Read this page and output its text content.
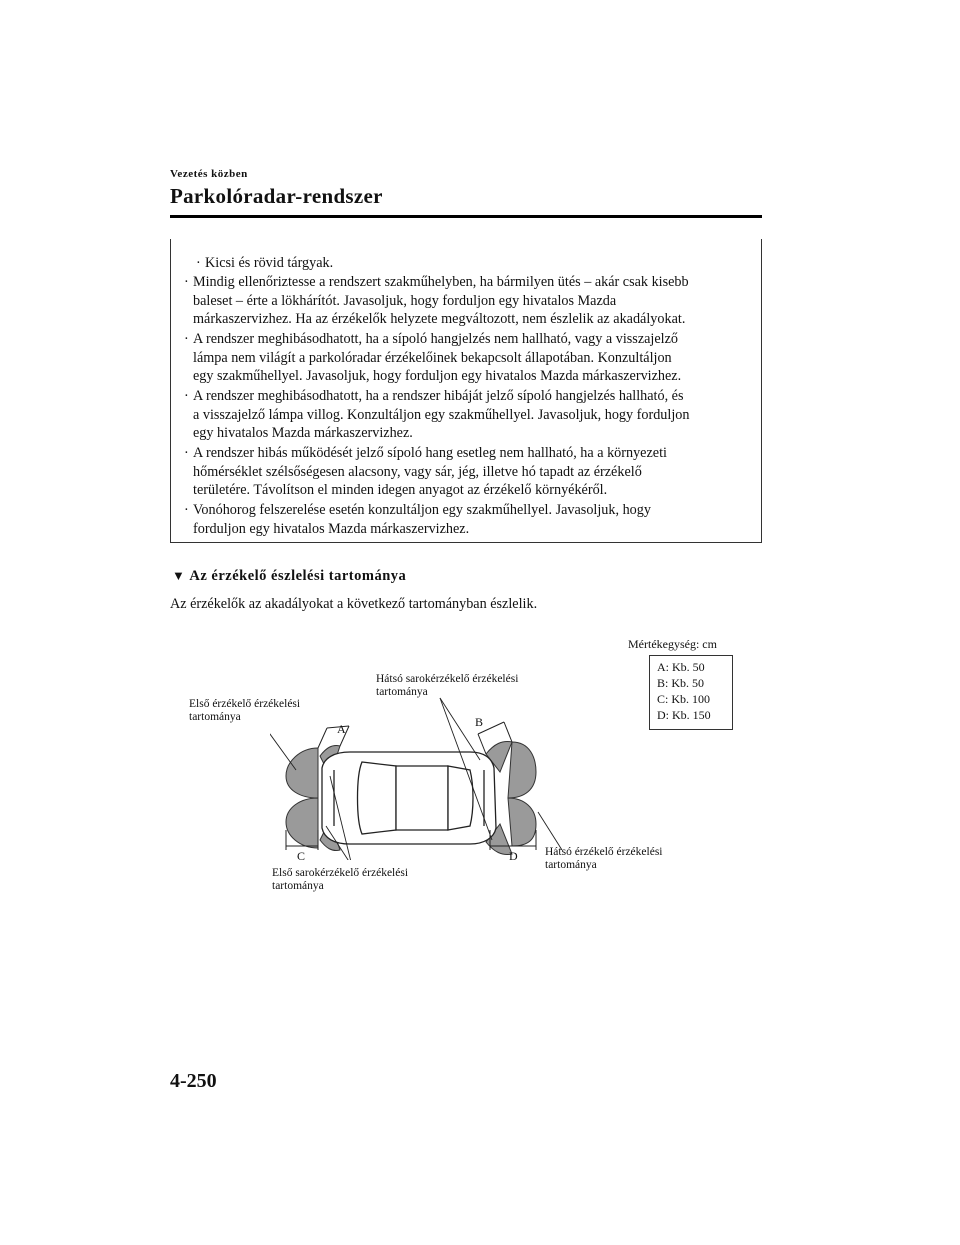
Vezetés közben
Parkolóradar-rendszer
· Kicsi és rövid tárgyak.
· Mindig ellenőriztesse a rendszert szakműhelyben, ha bármilyen ütés – akár csak kisebb
baleset – érte a lökhárítót. Javasoljuk, hogy forduljon egy hivatalos Mazda
márkaszervizhez. Ha az érzékelők helyzete megváltozott, nem észlelik az akadályokat.
· A rendszer meghibásodhatott, ha a sípoló hangjelzés nem hallható, vagy a visszajelző
lámpa nem világít a parkolóradar érzékelőinek bekapcsolt állapotában. Konzultáljon
egy szakműhellyel. Javasoljuk, hogy forduljon egy hivatalos Mazda márkaszervizhez.
· A rendszer meghibásodhatott, ha a rendszer hibáját jelző sípoló hangjelzés hallható, és
a visszajelző lámpa villog. Konzultáljon egy szakműhellyel. Javasoljuk, hogy forduljon
egy hivatalos Mazda márkaszervizhez.
· A rendszer hibás működését jelző sípoló hang esetleg nem hallható, ha a környezeti
hőmérséklet szélsőségesen alacsony, vagy sár, jég, illetve hó tapadt az érzékelő
területére. Távolítson el minden idegen anyagot az érzékelő környékéről.
· Vonóhorog felszerelése esetén konzultáljon egy szakműhellyel. Javasoljuk, hogy
forduljon egy hivatalos Mazda márkaszervizhez.
▼ Az érzékelő észlelési tartománya
Az érzékelők az akadályokat a következő tartományban észlelik.
Mértékegység: cm
A: Kb. 50
B: Kb. 50
C: Kb. 100
D: Kb. 150
Első érzékelő érzékelési
tartománya
Hátsó sarokérzékelő érzékelési
tartománya
Első sarokérzékelő érzékelési
tartománya
Hátsó érzékelő érzékelési
tartománya
A	B
C	D
4-250
